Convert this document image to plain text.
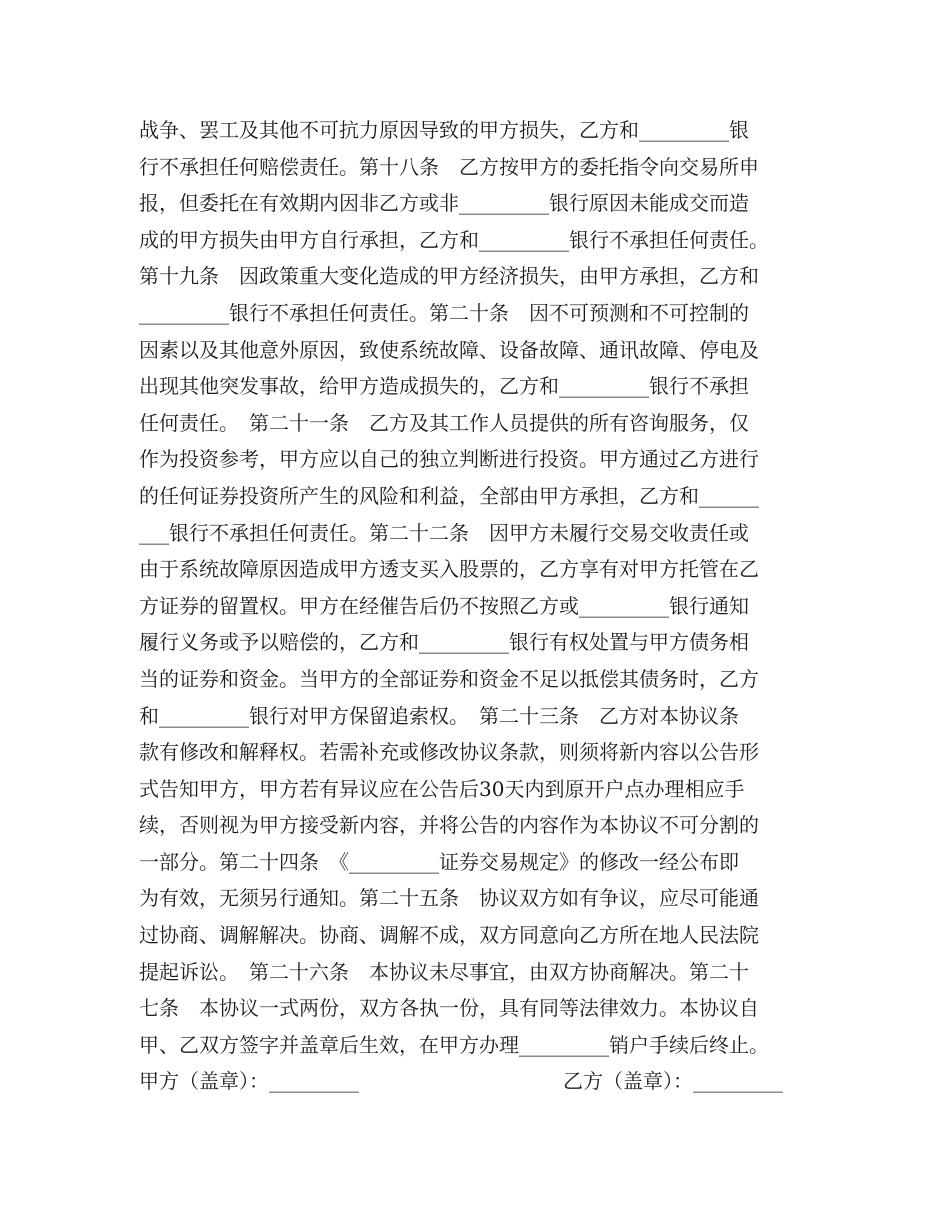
战争、罢工及其他不可抗力原因导致的甲方损失，乙方和_________银
行不承担任何赔偿责任。第十八条　乙方按甲方的委托指令向交易所申
报，但委托在有效期内因非乙方或非_________银行原因未能成交而造
成的甲方损失由甲方自行承担，乙方和_________银行不承担任何责任。
第十九条　因政策重大变化造成的甲方经济损失，由甲方承担，乙方和
_________银行不承担任何责任。第二十条　因不可预测和不可控制的
因素以及其他意外原因，致使系统故障、设备故障、通讯故障、停电及
出现其他突发事故，给甲方造成损失的，乙方和_________银行不承担
任何责任。　第二十一条　乙方及其工作人员提供的所有咨询服务，仅
作为投资参考，甲方应以自己的独立判断进行投资。甲方通过乙方进行
的任何证券投资所产生的风险和利益，全部由甲方承担，乙方和______
___银行不承担任何责任。第二十二条　因甲方未履行交易交收责任或
由于系统故障原因造成甲方透支买入股票的，乙方享有对甲方托管在乙
方证券的留置权。甲方在经催告后仍不按照乙方或_________银行通知
履行义务或予以赔偿的，乙方和_________银行有权处置与甲方债务相
当的证券和资金。当甲方的全部证券和资金不足以抵偿其债务时，乙方
和_________银行对甲方保留追索权。　第二十三条　乙方对本协议条
款有修改和解释权。若需补充或修改协议条款，则须将新内容以公告形
式告知甲方，甲方若有异议应在公告后30天内到原开户点办理相应手
续，否则视为甲方接受新内容，并将公告的内容作为本协议不可分割的
一部分。第二十四条　《_________证券交易规定》的修改一经公布即
为有效，无须另行通知。第二十五条　协议双方如有争议，应尽可能通
过协商、调解解决。协商、调解不成，双方同意向乙方所在地人民法院
提起诉讼。　第二十六条　本协议未尽事宜，由双方协商解决。第二十
七条　本协议一式两份，双方各执一份，具有同等法律效力。本协议自
甲、乙双方签字并盖章后生效，在甲方办理_________销户手续后终止。

甲方（盖章）：_________

	乙方（盖章）：_________
